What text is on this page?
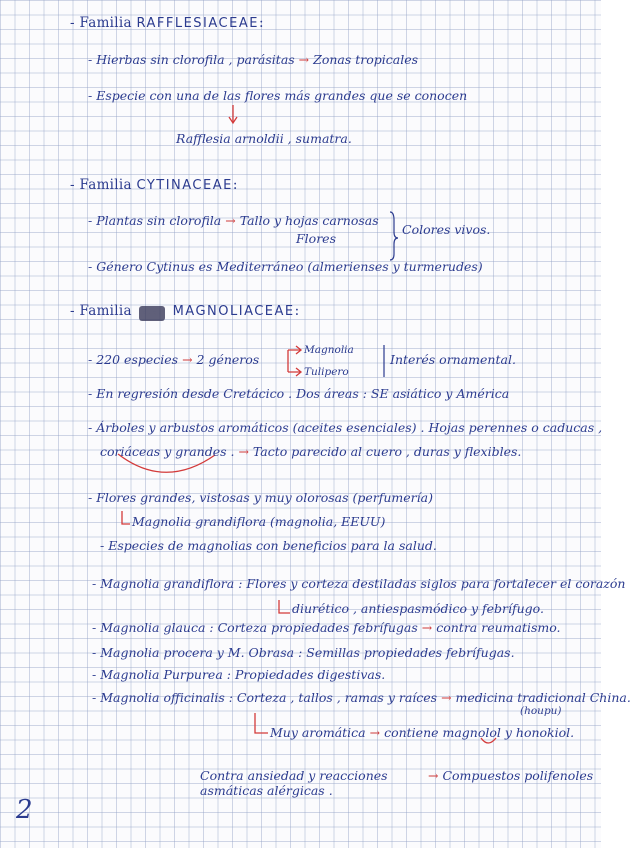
- Familia RAFFLESIACEAE:
- Hierbas sin clorofila , parásitas → Zonas tropicales
- Especie con una de las flores más grandes que se conocen
Rafflesia arnoldii , sumatra.
- Familia CYTINACEAE:
- Plantas sin clorofila → Tallo y hojas carnosas
Flores
Colores vivos.
- Género Cytinus es Mediterráneo (almerienses y turmerudes)
- Familia xxxx MAGNOLIACEAE:
- 220 especies → 2 géneros
Magnolia
Tulipero
Interés ornamental.
- En regresión desde Cretácico . Dos áreas : SE asiático y América
- Árboles y arbustos aromáticos (aceites esenciales) . Hojas perennes o caducas ,
coriáceas y grandes . → Tacto parecido al cuero , duras y flexibles.
- Flores grandes, vistosas y muy olorosas (perfumería)
Magnolia grandiflora (magnolia, EEUU)
- Especies de magnolias con beneficios para la salud.
- Magnolia grandiflora : Flores y corteza destiladas siglos para fortalecer el corazón
diurético , antiespasmódico y febrífugo.
- Magnolia glauca : Corteza propiedades febrífugas → contra reumatismo.
- Magnolia procera y M. Obrasa : Semillas propiedades febrífugas.
- Magnolia Purpurea : Propiedades digestivas.
- Magnolia officinalis : Corteza , tallos , ramas y raíces → medicina tradicional China.
(houpu)
Muy aromática → contiene magnolol y honokiol.
Contra ansiedad y reacciones asmáticas alérgicas .
→ Compuestos polifenoles
2
